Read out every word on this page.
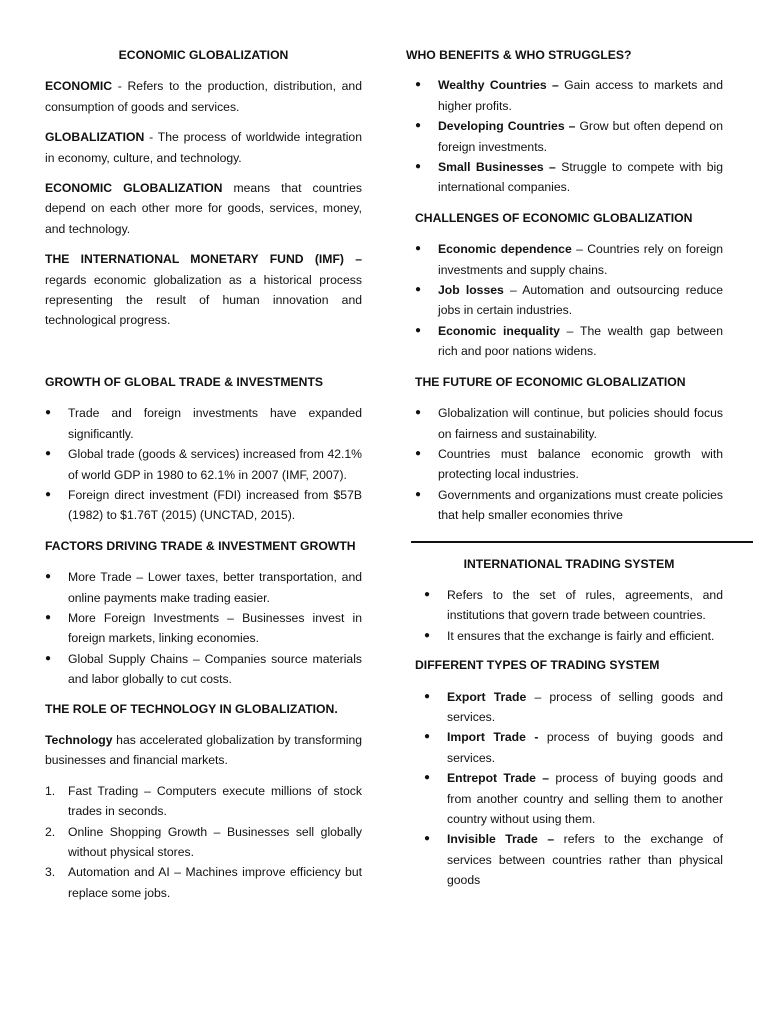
ECONOMIC GLOBALIZATION

ECONOMIC - Refers to the production, distribution, and consumption of goods and services.

GLOBALIZATION - The process of worldwide integration in economy, culture, and technology.

ECONOMIC GLOBALIZATION means that countries depend on each other more for goods, services, money, and technology.

THE INTERNATIONAL MONETARY FUND (IMF) – regards economic globalization as a historical process representing the result of human innovation and technological progress.

GROWTH OF GLOBAL TRADE & INVESTMENTS

●	Trade and foreign investments have expanded significantly.
●	Global trade (goods & services) increased from 42.1% of world GDP in 1980 to 62.1% in 2007 (IMF, 2007).
●	Foreign direct investment (FDI) increased from $57B (1982) to $1.76T (2015) (UNCTAD, 2015).

FACTORS DRIVING TRADE & INVESTMENT GROWTH

●	More Trade – Lower taxes, better transportation, and online payments make trading easier.
●	More Foreign Investments – Businesses invest in foreign markets, linking economies.
●	Global Supply Chains – Companies source materials and labor globally to cut costs.

THE ROLE OF TECHNOLOGY IN GLOBALIZATION.

Technology has accelerated globalization by transforming businesses and financial markets.

1. Fast Trading – Computers execute millions of stock trades in seconds.
2. Online Shopping Growth – Businesses sell globally without physical stores.
3. Automation and AI – Machines improve efficiency but replace some jobs.

WHO BENEFITS & WHO STRUGGLES?

●	Wealthy Countries – Gain access to markets and higher profits.
●	Developing Countries – Grow but often depend on foreign investments.
●	Small Businesses – Struggle to compete with big international companies.

CHALLENGES OF ECONOMIC GLOBALIZATION

●	Economic dependence – Countries rely on foreign investments and supply chains.
●	Job losses – Automation and outsourcing reduce jobs in certain industries.
●	Economic inequality – The wealth gap between rich and poor nations widens.

THE FUTURE OF ECONOMIC GLOBALIZATION

●	Globalization will continue, but policies should focus on fairness and sustainability.
●	Countries must balance economic growth with protecting local industries.
●	Governments and organizations must create policies that help smaller economies thrive

INTERNATIONAL TRADING SYSTEM

●	Refers to the set of rules, agreements, and institutions that govern trade between countries.
●	It ensures that the exchange is fairly and efficient.

DIFFERENT TYPES OF TRADING SYSTEM

●	Export Trade – process of selling goods and services.
●	Import Trade - process of buying goods and services.
●	Entrepot Trade – process of buying goods and from another country and selling them to another country without using them.
●	Invisible Trade – refers to the exchange of services between countries rather than physical goods
